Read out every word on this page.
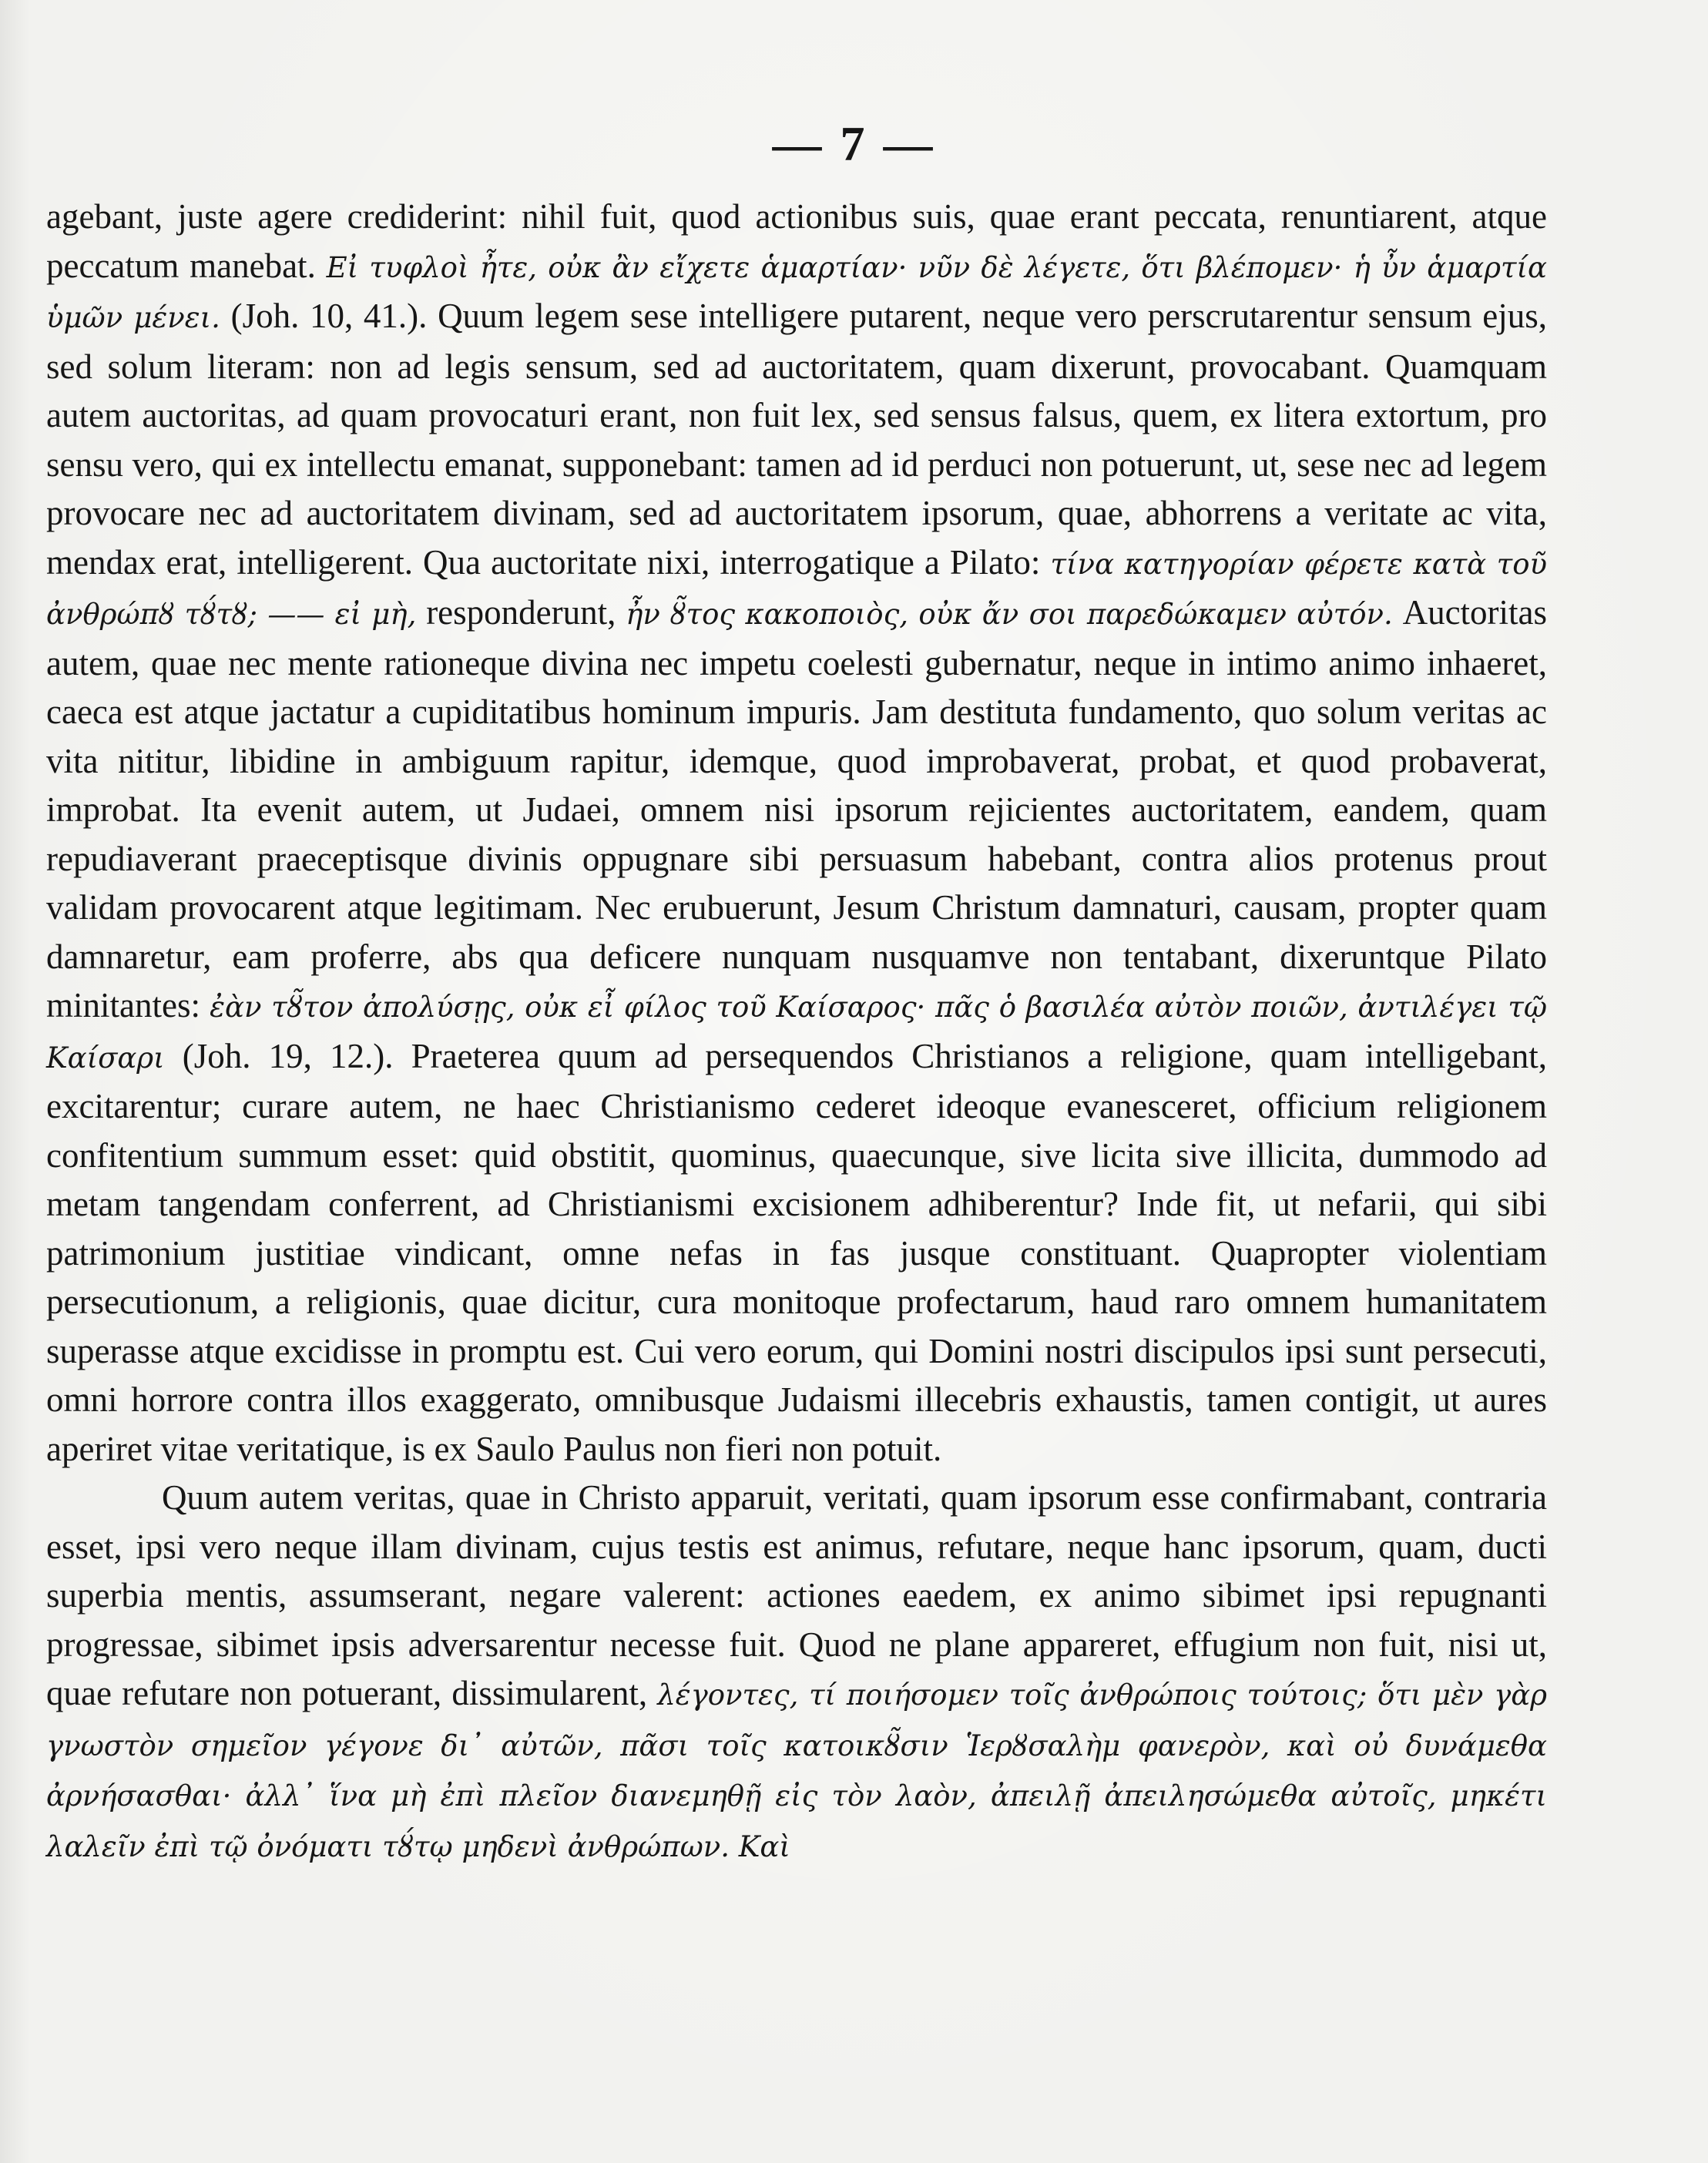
— 7 —

agebant, juste agere crediderint: nihil fuit, quod actionibus suis, quae erant peccata, renuntiarent, atque peccatum manebat. Εἰ τυφλοὶ ἦτε, οὐκ ἂν εἴχετε ἁμαρτίαν· νῦν δὲ λέγετε, ὅτι βλέπομεν· ἡ ὖν ἁμαρτία ὑμῶν μένει. (Joh. 10, 41.). Quum legem sese intelligere putarent, neque vero perscrutarentur sensum ejus, sed solum literam: non ad legis sensum, sed ad auctoritatem, quam dixerunt, provocabant. Quamquam autem auctoritas, ad quam provocaturi erant, non fuit lex, sed sensus falsus, quem, ex litera extortum, pro sensu vero, qui ex intellectu emanat, supponebant: tamen ad id perduci non potuerunt, ut, sese nec ad legem provocare nec ad auctoritatem divinam, sed ad auctoritatem ipsorum, quae, abhorrens a veritate ac vita, mendax erat, intelligerent. Qua auctoritate nixi, interrogatique a Pilato: τίνα κατηγορίαν φέρετε κατὰ τοῦ ἀνθρώπȣ τȣ́τȣ; —— εἰ μὴ, responderunt, ἦν ȣ̃τος κακοποιὸς, οὐκ ἄν σοι παρεδώκαμεν αὐτόν. Auctoritas autem, quae nec mente rationeque divina nec impetu coelesti gubernatur, neque in intimo animo inhaeret, caeca est atque jactatur a cupiditatibus hominum impuris. Jam destituta fundamento, quo solum veritas ac vita nititur, libidine in ambiguum rapitur, idemque, quod improbaverat, probat, et quod probaverat, improbat. Ita evenit autem, ut Judaei, omnem nisi ipsorum rejicientes auctoritatem, eandem, quam repudiaverant praeceptisque divinis oppugnare sibi persuasum habebant, contra alios protenus prout validam provocarent atque legitimam. Nec erubuerunt, Jesum Christum damnaturi, causam, propter quam damnaretur, eam proferre, abs qua deficere nunquam nusquamve non tentabant, dixeruntque Pilato minitantes: ἐὰν τȣ̃τον ἀπολύσῃς, οὐκ εἶ φίλος τοῦ Καίσαρος· πᾶς ὁ βασιλέα αὐτὸν ποιῶν, ἀντιλέγει τῷ Καίσαρι (Joh. 19, 12.). Praeterea quum ad persequendos Christianos a religione, quam intelligebant, excitarentur; curare autem, ne haec Christianismo cederet ideoque evanesceret, officium religionem confitentium summum esset: quid obstitit, quominus, quaecunque, sive licita sive illicita, dummodo ad metam tangendam conferrent, ad Christianismi excisionem adhiberentur? Inde fit, ut nefarii, qui sibi patrimonium justitiae vindicant, omne nefas in fas jusque constituant. Quapropter violentiam persecutionum, a religionis, quae dicitur, cura monitoque profectarum, haud raro omnem humanitatem superasse atque excidisse in promptu est. Cui vero eorum, qui Domini nostri discipulos ipsi sunt persecuti, omni horrore contra illos exaggerato, omnibusque Judaismi illecebris exhaustis, tamen contigit, ut aures aperiret vitae veritatique, is ex Saulo Paulus non fieri non potuit.

Quum autem veritas, quae in Christo apparuit, veritati, quam ipsorum esse confirmabant, contraria esset, ipsi vero neque illam divinam, cujus testis est animus, refutare, neque hanc ipsorum, quam, ducti superbia mentis, assumserant, negare valerent: actiones eaedem, ex animo sibimet ipsi repugnanti progressae, sibimet ipsis adversarentur necesse fuit. Quod ne plane appareret, effugium non fuit, nisi ut, quae refutare non potuerant, dissimularent, λέγοντες, τί ποιήσομεν τοῖς ἀνθρώποις τούτοις; ὅτι μὲν γὰρ γνωστὸν σημεῖον γέγονε δι᾽ αὐτῶν, πᾶσι τοῖς κατοικȣ̃σιν Ἱερȣσαλὴμ φανερὸν, καὶ οὐ δυνάμεθα ἀρνήσασθαι· ἀλλ᾽ ἵνα μὴ ἐπὶ πλεῖον διανεμηθῇ εἰς τὸν λαὸν, ἀπειλῇ ἀπειλησώμεθα αὐτοῖς, μηκέτι λαλεῖν ἐπὶ τῷ ὀνόματι τȣ́τῳ μηδενὶ ἀνθρώπων. Καὶ
